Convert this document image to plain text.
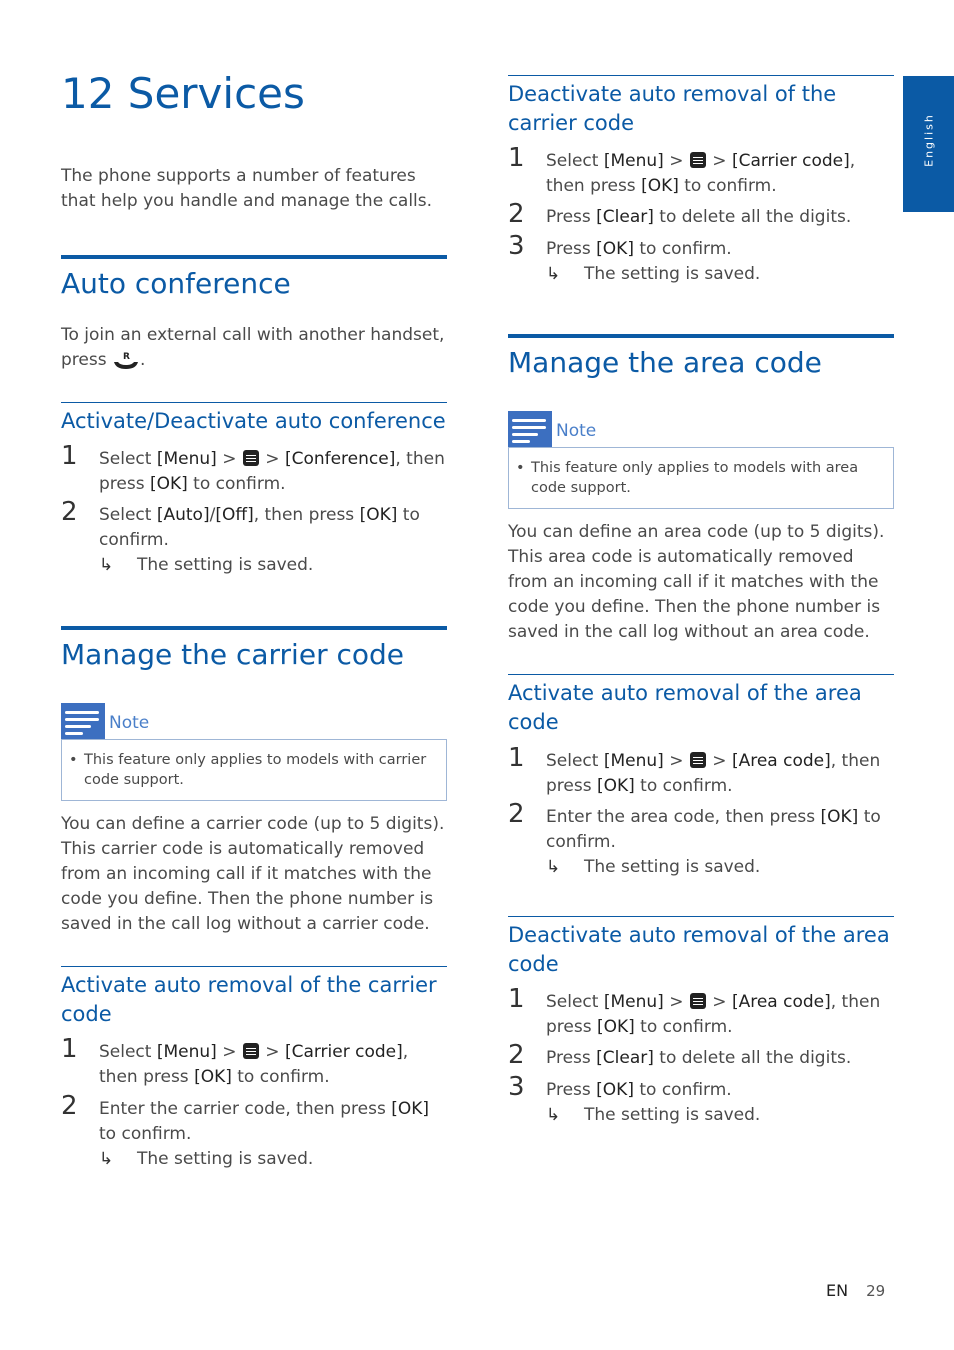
English
12 Services

The phone supports a number of features that help you handle and manage the calls.

Auto conference

To join an external call with another handset, press R .

Activate/Deactivate auto conference
1 Select [Menu] >  > [Conference], then press [OK] to confirm.
2 Select [Auto]/[Off], then press [OK] to confirm.
↳ The setting is saved.
Manage the carrier code
Note
• This feature only applies to models with carrier code support.

You can define a carrier code (up to 5 digits). This carrier code is automatically removed from an incoming call if it matches with the code you define. Then the phone number is saved in the call log without a carrier code.

Activate auto removal of the carrier code
1 Select [Menu] >  > [Carrier code], then press [OK] to confirm.
2 Enter the carrier code, then press [OK] to confirm.
↳ The setting is saved.
Deactivate auto removal of the carrier code
1 Select [Menu] >  > [Carrier code], then press [OK] to confirm.
2 Press [Clear] to delete all the digits.
3 Press [OK] to confirm.
↳ The setting is saved.
Manage the area code
Note
• This feature only applies to models with area code support.

You can define an area code (up to 5 digits). This area code is automatically removed from an incoming call if it matches with the code you define. Then the phone number is saved in the call log without an area code.

Activate auto removal of the area code
1 Select [Menu] >  > [Area code], then press [OK] to confirm.
2 Enter the area code, then press [OK] to confirm.
↳ The setting is saved.
Deactivate auto removal of the area code
1 Select [Menu] >  > [Area code], then press [OK] to confirm.
2 Press [Clear] to delete all the digits.
3 Press [OK] to confirm.
↳ The setting is saved.
EN 29
